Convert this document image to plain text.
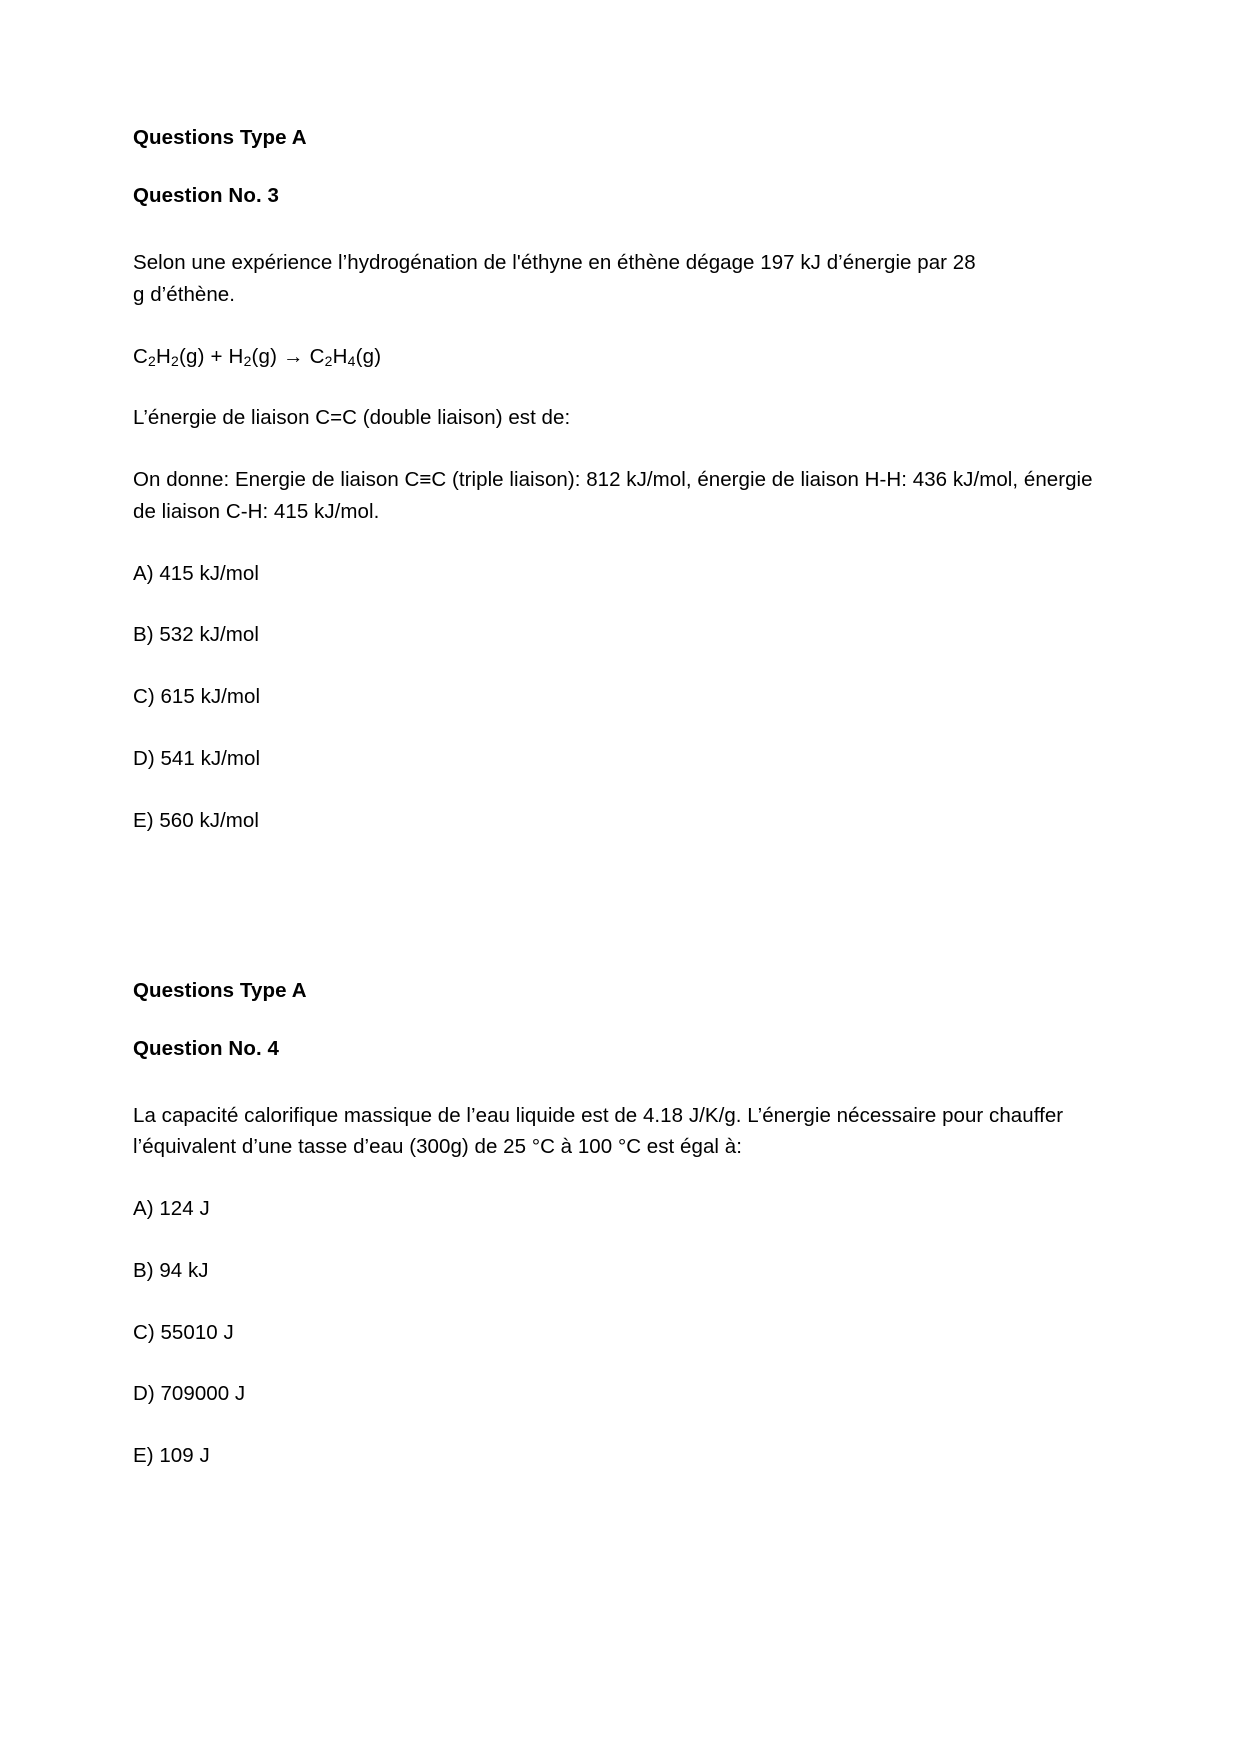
Questions Type A
Question No. 3

Selon une expérience l’hydrogénation de l'éthyne en éthène dégage 197 kJ d’énergie par 28 g d’éthène.

$C_2H_2(g) + H_2(g) \to C_2H_4(g)$

L’énergie de liaison C=C (double liaison) est de:

On donne: Energie de liaison C≡C (triple liaison): 812 kJ/mol, énergie de liaison H-H: 436 kJ/mol, énergie de liaison C-H: 415 kJ/mol.

A) 415 kJ/mol
B) 532 kJ/mol
C) 615 kJ/mol
D) 541 kJ/mol
E) 560 kJ/mol
Questions Type A
Question No. 4

La capacité calorifique massique de l’eau liquide est de 4.18 J/K/g. L’énergie nécessaire pour chauffer l’équivalent d’une tasse d’eau (300g) de 25 °C à 100 °C est égal à:

A) 124 J
B) 94 kJ
C) 55010 J
D) 709000 J
E) 109 J
